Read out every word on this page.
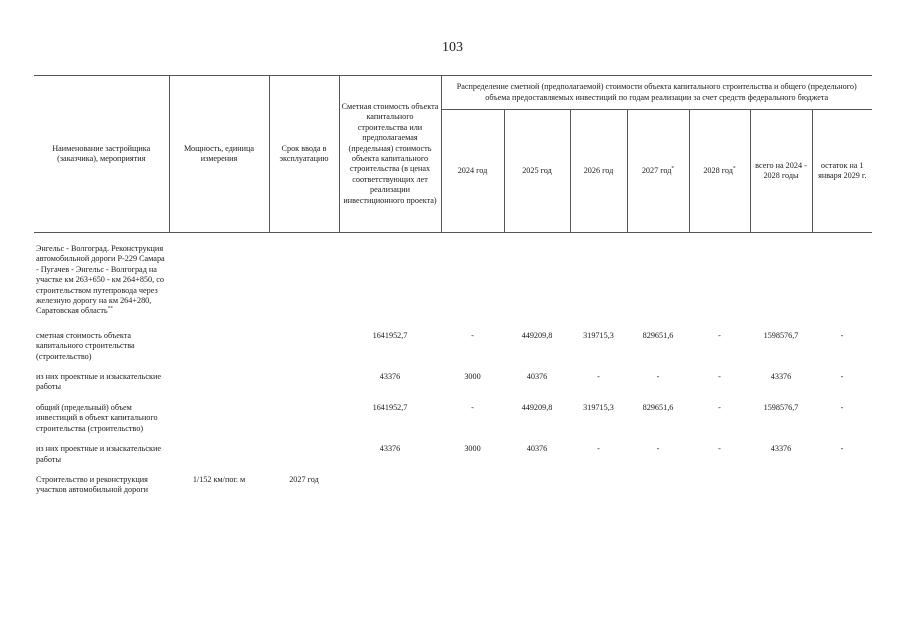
103
Наименование застройщика (заказчика), мероприятия	Мощность, единица измерения	Срок ввода в эксплуатацию	Сметная стоимость объекта капитального строительства или предполагаемая (предельная) стоимость объекта капитального строительства (в ценах соответствующих лет реализации инвестиционного проекта)	Распределение сметной (предполагаемой) стоимости объекта капитального строительства и общего (предельного) объема предоставляемых инвестиций по годам реализации за счет средств федерального бюджета						
				2024 год	2025 год	2026 год	2027 год*	2028 год*	всего на 2024 - 2028 годы	остаток на 1 января 2029 г.
Энгельс - Волгоград. Реконструкция автомобильной дороги Р-229 Самара - Пугачев - Энгельс - Волгоград на участке км 263+650 - км 264+850, со строительством путепровода через железную дорогу на км 264+280, Саратовская область**	
сметная стоимость объекта капитального строительства (строительство)			1641952,7	-	449209,8	319715,3	829651,6	-	1598576,7	-
из них проектные и изыскательские работы			43376	3000	40376	-	-	-	43376	-
общий (предельный) объем инвестиций в объект капитального строительства (строительство)			1641952,7	-	449209,8	319715,3	829651,6	-	1598576,7	-
из них проектные и изыскательские работы			43376	3000	40376	-	-	-	43376	-
Строительство и реконструкция участков автомобильной дороги	1/152 км/пог. м	2027 год								
